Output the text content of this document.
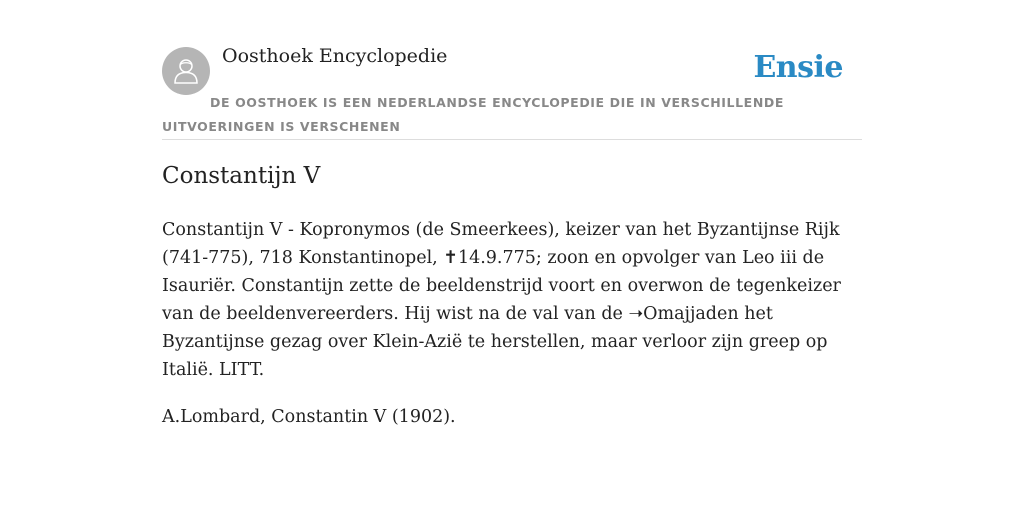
Oosthoek Encyclopedie	Ensie
DE OOSTHOEK IS EEN NEDERLANDSE ENCYCLOPEDIE DIE IN VERSCHILLENDE UITVOERINGEN IS VERSCHENEN
Constantijn V

Constantijn V - Kopronymos (de Smeerkees), keizer van het Byzantijnse Rijk (741-775), 718 Konstantinopel, ✝14.9.775; zoon en opvolger van Leo iii de Isauriër. Constantijn zette de beeldenstrijd voort en overwon de tegenkeizer van de beeldenvereerders. Hij wist na de val van de ➝Omajjaden het Byzantijnse gezag over Klein-Azië te herstellen, maar verloor zijn greep op Italië. LITT.

A.Lombard, Constantin V (1902).
